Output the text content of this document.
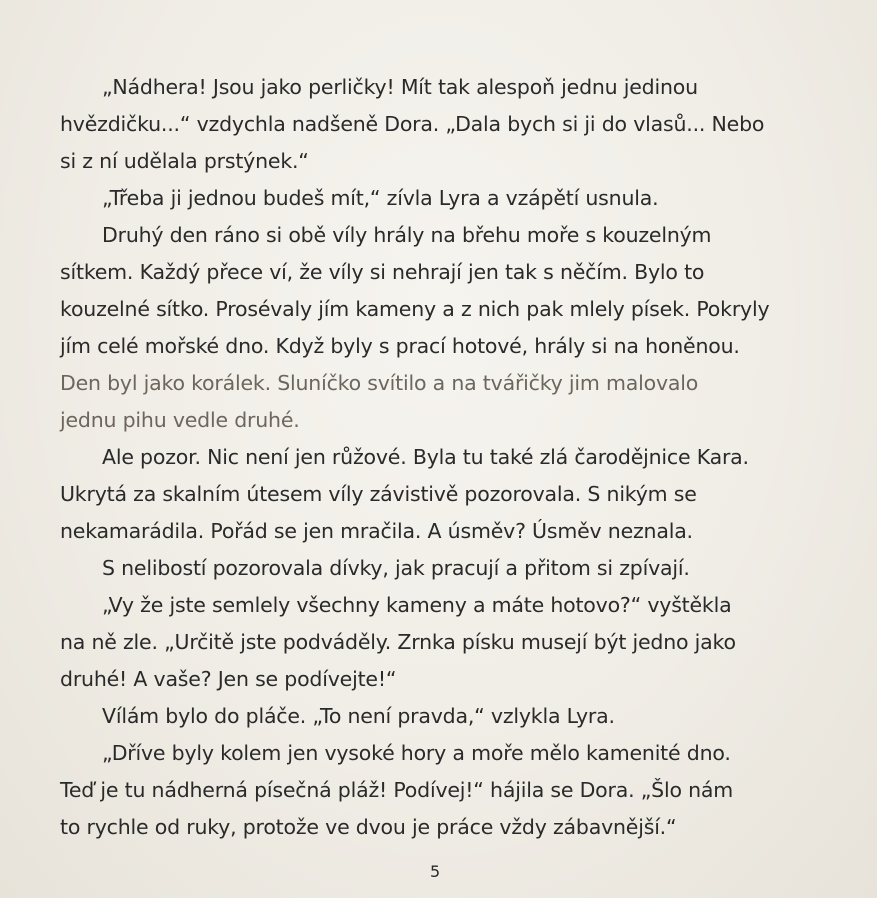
„Nádhera! Jsou jako perličky! Mít tak alespoň jednu jedinou
hvězdičku...“ vzdychla nadšeně Dora. „Dala bych si ji do vlasů... Nebo
si z ní udělala prstýnek.“
„Třeba ji jednou budeš mít,“ zívla Lyra a vzápětí usnula.
Druhý den ráno si obě víly hrály na břehu moře s kouzelným
sítkem. Každý přece ví, že víly si nehrají jen tak s něčím. Bylo to
kouzelné sítko. Prosévaly jím kameny a z nich pak mlely písek. Pokryly
jím celé mořské dno. Když byly s prací hotové, hrály si na honěnou.
Den byl jako korálek. Sluníčko svítilo a na tvářičky jim malovalo
jednu pihu vedle druhé.
Ale pozor. Nic není jen růžové. Byla tu také zlá čarodějnice Kara.
Ukrytá za skalním útesem víly závistivě pozorovala. S nikým se
nekamarádila. Pořád se jen mračila. A úsměv? Úsměv neznala.
S nelibostí pozorovala dívky, jak pracují a přitom si zpívají.
„Vy že jste semlely všechny kameny a máte hotovo?“ vyštěkla
na ně zle. „Určitě jste podváděly. Zrnka písku musejí být jedno jako
druhé! A vaše? Jen se podívejte!“
Vílám bylo do pláče. „To není pravda,“ vzlykla Lyra.
„Dříve byly kolem jen vysoké hory a moře mělo kamenité dno.
Teď je tu nádherná písečná pláž! Podívej!“ hájila se Dora. „Šlo nám
to rychle od ruky, protože ve dvou je práce vždy zábavnější.“
5
